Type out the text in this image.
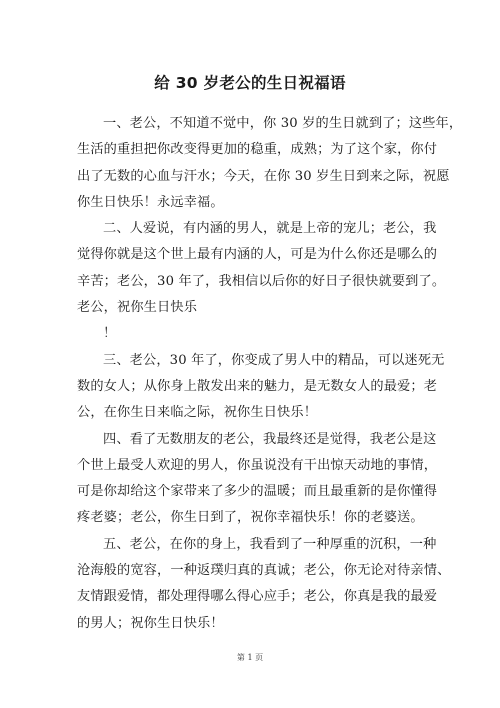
给 30 岁老公的生日祝福语

一、老公，不知道不觉中，你 30 岁的生日就到了；这些年，
生活的重担把你改变得更加的稳重，成熟；为了这个家，你付
出了无数的心血与汗水；今天，在你 30 岁生日到来之际，祝愿
你生日快乐！永远幸福。

二、人爱说，有内涵的男人，就是上帝的宠儿；老公，我
觉得你就是这个世上最有内涵的人，可是为什么你还是哪么的
辛苦；老公，30 年了，我相信以后你的好日子很快就要到了。
老公，祝你生日快乐

！

三、老公，30 年了，你变成了男人中的精品，可以迷死无
数的女人；从你身上散发出来的魅力，是无数女人的最爱；老
公，在你生日来临之际，祝你生日快乐！

四、看了无数朋友的老公，我最终还是觉得，我老公是这
个世上最受人欢迎的男人，你虽说没有干出惊天动地的事情，
可是你却给这个家带来了多少的温暖；而且最重新的是你懂得
疼老婆；老公，你生日到了，祝你幸福快乐！你的老婆送。

五、老公，在你的身上，我看到了一种厚重的沉积，一种
沧海般的宽容，一种返璞归真的真诚；老公，你无论对待亲情、
友情跟爱情，都处理得哪么得心应手；老公，你真是我的最爱
的男人；祝你生日快乐！

第 1 页
